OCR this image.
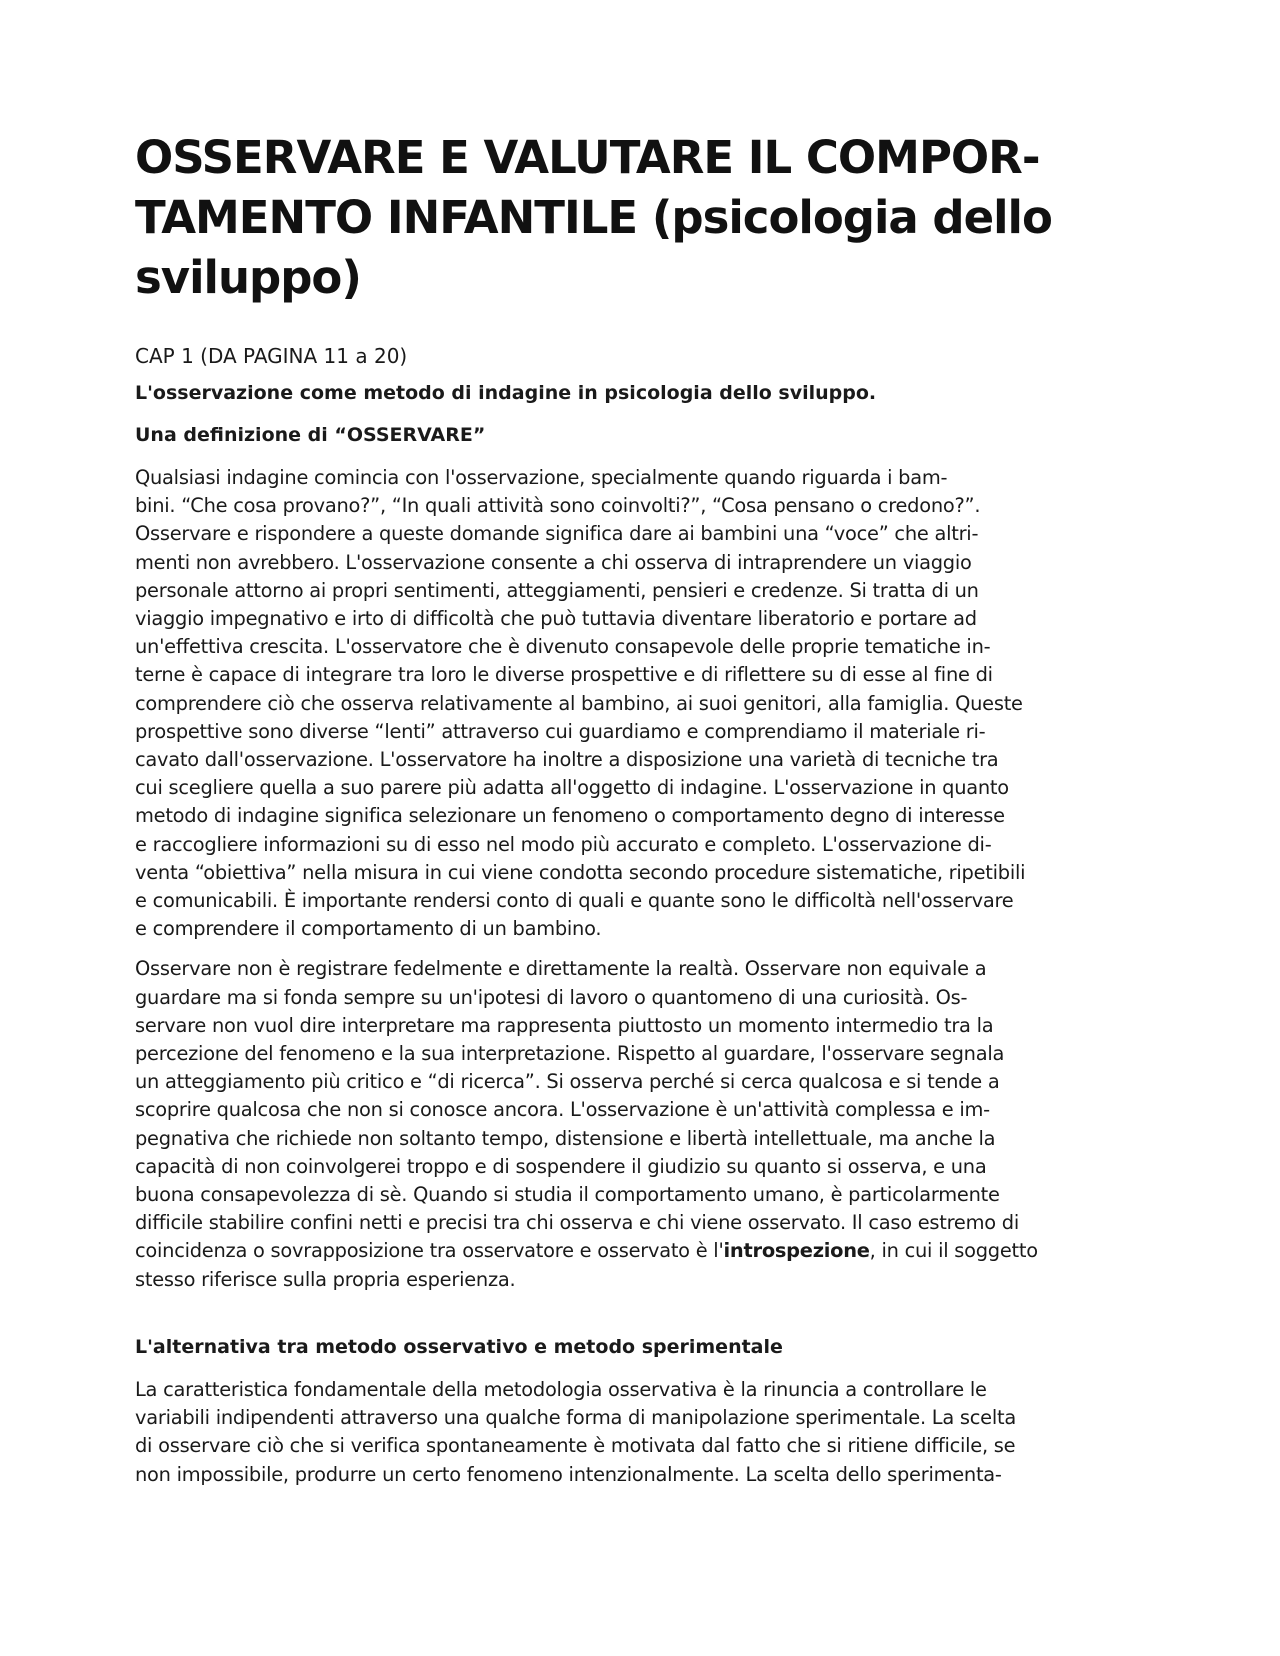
OSSERVARE E VALUTARE IL COMPOR-
TAMENTO INFANTILE (psicologia dello
sviluppo)

CAP 1 (DA PAGINA 11 a 20)

L'osservazione come metodo di indagine in psicologia dello sviluppo.

Una definizione di “OSSERVARE”

Qualsiasi indagine comincia con l'osservazione, specialmente quando riguarda i bam-
bini. “Che cosa provano?”, “In quali attività sono coinvolti?”, “Cosa pensano o credono?”.
Osservare e rispondere a queste domande significa dare ai bambini una “voce” che altri-
menti non avrebbero. L'osservazione consente a chi osserva di intraprendere un viaggio
personale attorno ai propri sentimenti, atteggiamenti, pensieri e credenze. Si tratta di un
viaggio impegnativo e irto di difficoltà che può tuttavia diventare liberatorio e portare ad
un'effettiva crescita. L'osservatore che è divenuto consapevole delle proprie tematiche in-
terne è capace di integrare tra loro le diverse prospettive e di riflettere su di esse al fine di
comprendere ciò che osserva relativamente al bambino, ai suoi genitori, alla famiglia. Queste
prospettive sono diverse “lenti” attraverso cui guardiamo e comprendiamo il materiale ri-
cavato dall'osservazione. L'osservatore ha inoltre a disposizione una varietà di tecniche tra
cui scegliere quella a suo parere più adatta all'oggetto di indagine. L'osservazione in quanto
metodo di indagine significa selezionare un fenomeno o comportamento degno di interesse
e raccogliere informazioni su di esso nel modo più accurato e completo. L'osservazione di-
venta “obiettiva” nella misura in cui viene condotta secondo procedure sistematiche, ripetibili
e comunicabili. È importante rendersi conto di quali e quante sono le difficoltà nell'osservare
e comprendere il comportamento di un bambino.

Osservare non è registrare fedelmente e direttamente la realtà. Osservare non equivale a
guardare ma si fonda sempre su un'ipotesi di lavoro o quantomeno di una curiosità. Os-
servare non vuol dire interpretare ma rappresenta piuttosto un momento intermedio tra la
percezione del fenomeno e la sua interpretazione. Rispetto al guardare, l'osservare segnala
un atteggiamento più critico e “di ricerca”. Si osserva perché si cerca qualcosa e si tende a
scoprire qualcosa che non si conosce ancora. L'osservazione è un'attività complessa e im-
pegnativa che richiede non soltanto tempo, distensione e libertà intellettuale, ma anche la
capacità di non coinvolgerei troppo e di sospendere il giudizio su quanto si osserva, e una
buona consapevolezza di sè. Quando si studia il comportamento umano, è particolarmente
difficile stabilire confini netti e precisi tra chi osserva e chi viene osservato. Il caso estremo di
coincidenza o sovrapposizione tra osservatore e osservato è l'introspezione, in cui il soggetto
stesso riferisce sulla propria esperienza.

L'alternativa tra metodo osservativo e metodo sperimentale

La caratteristica fondamentale della metodologia osservativa è la rinuncia a controllare le
variabili indipendenti attraverso una qualche forma di manipolazione sperimentale. La scelta
di osservare ciò che si verifica spontaneamente è motivata dal fatto che si ritiene difficile, se
non impossibile, produrre un certo fenomeno intenzionalmente. La scelta dello sperimenta-
